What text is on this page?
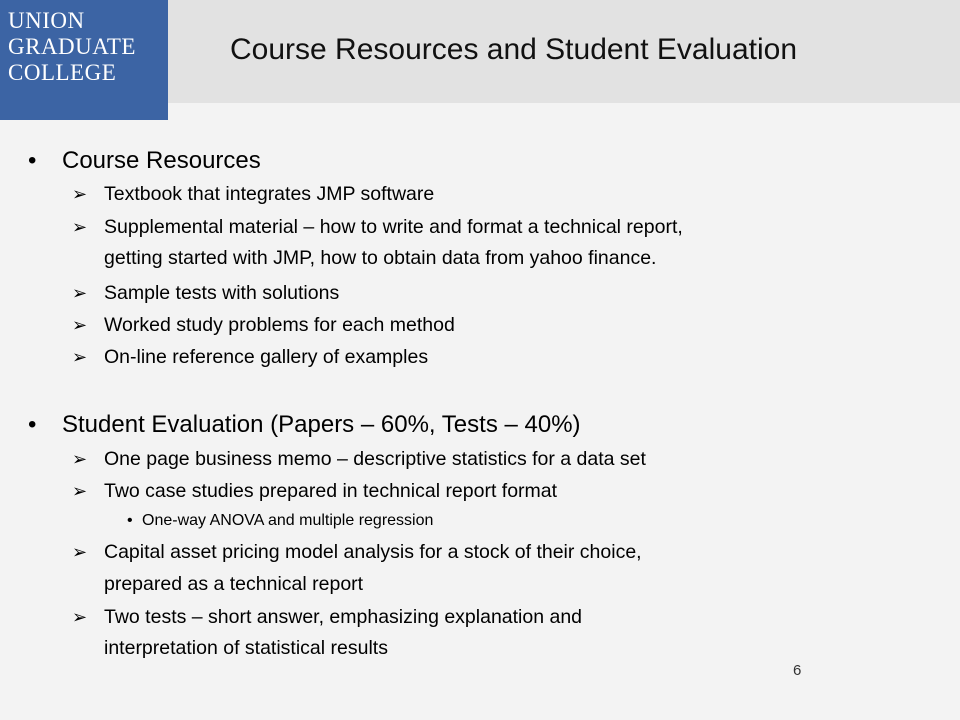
UNION
GRADUATE
COLLEGE
Course Resources and Student Evaluation
• Course Resources
➢ Textbook that integrates JMP software
➢ Supplemental material – how to write and format a technical report,
getting started with JMP, how to obtain data from yahoo finance.
➢ Sample tests with solutions
➢ Worked study problems for each method
➢ On-line reference gallery of examples
• Student Evaluation (Papers – 60%, Tests – 40%)
➢ One page business memo – descriptive statistics for a data set
➢ Two case studies prepared in technical report format
• One-way ANOVA and multiple regression
➢ Capital asset pricing model analysis for a stock of their choice,
prepared as a technical report
➢ Two tests – short answer, emphasizing explanation and
interpretation of statistical results
6
